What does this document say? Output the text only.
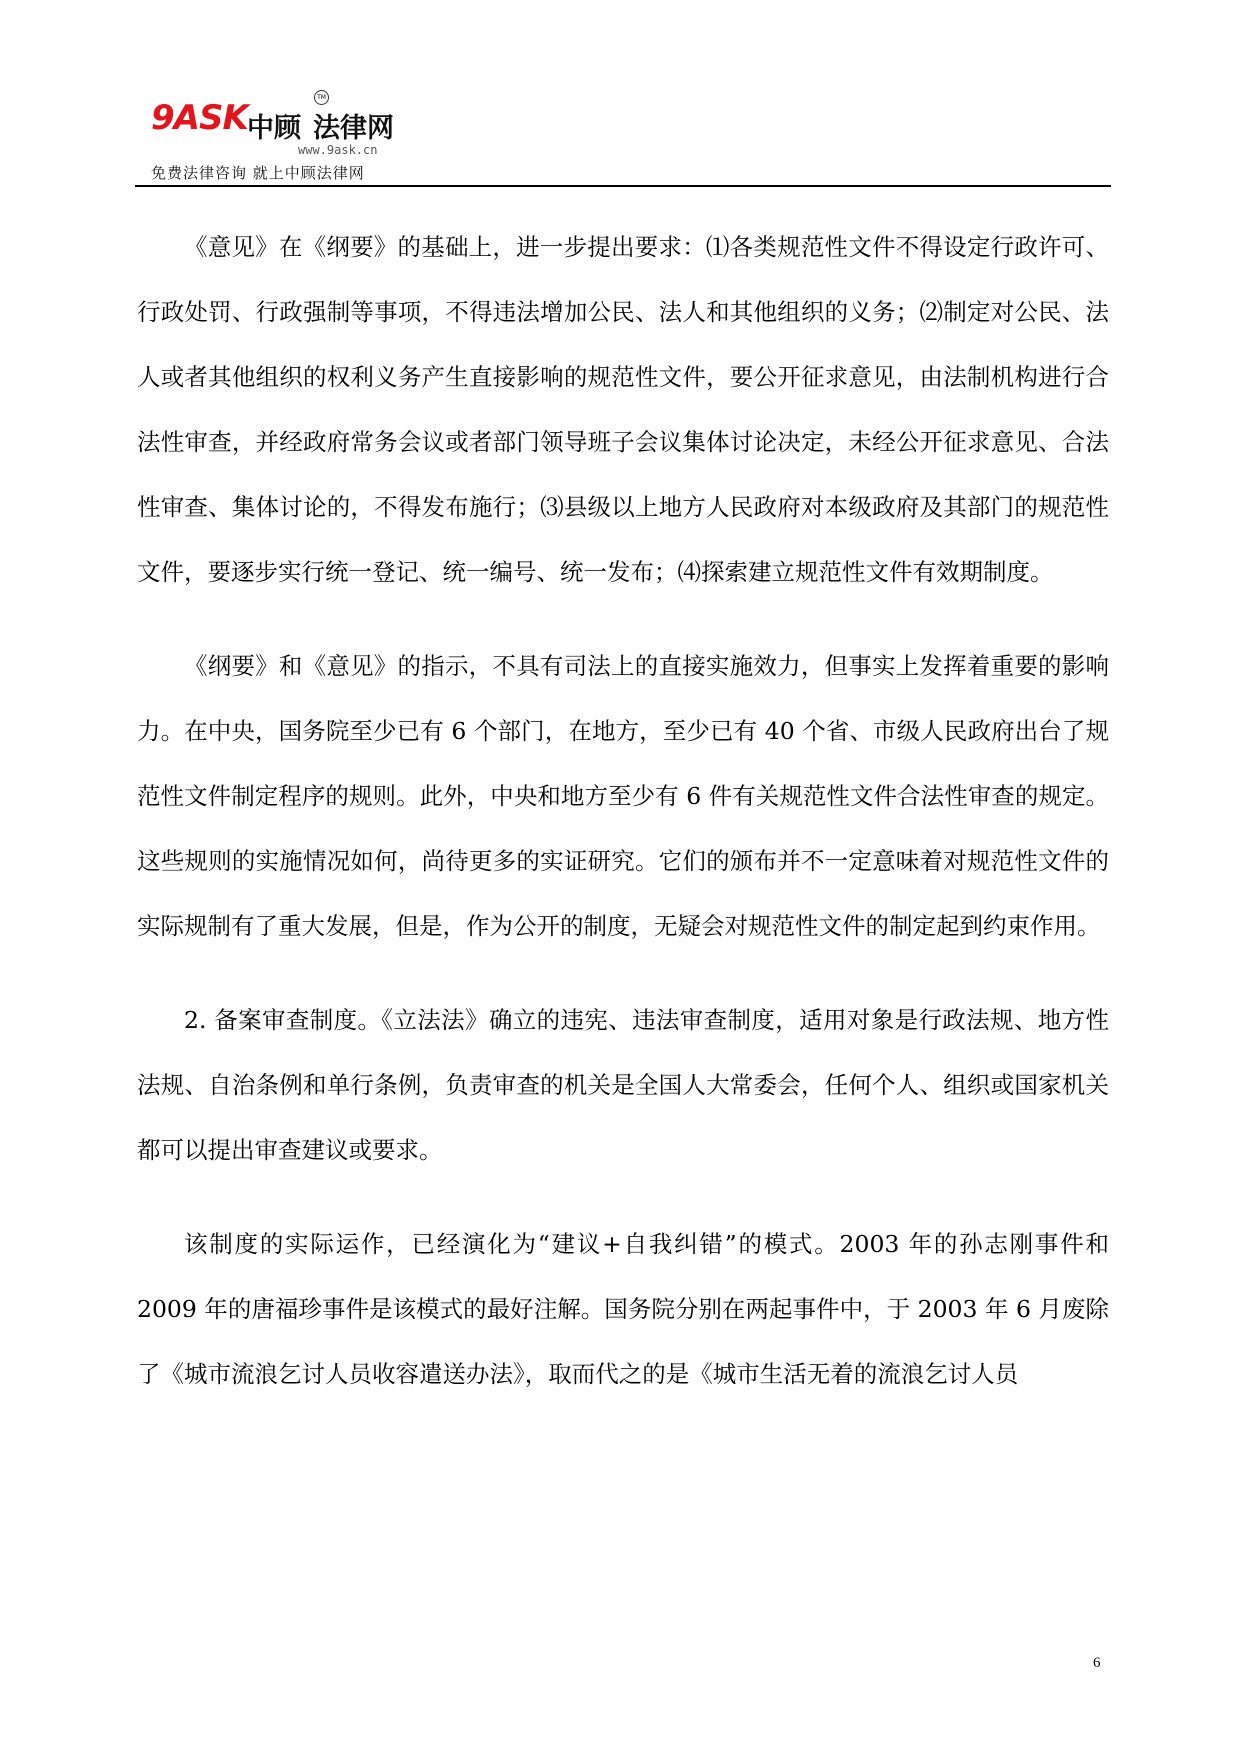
9ASK 中顾 法律网
TM
www.9ask.cn
免费法律咨询 就上中顾法律网

《意见》在《纲要》的基础上，进一步提出要求：⑴各类规范性文件不得设定行政许可、行政处罚、行政强制等事项，不得违法增加公民、法人和其他组织的义务；⑵制定对公民、法人或者其他组织的权利义务产生直接影响的规范性文件，要公开征求意见，由法制机构进行合法性审查，并经政府常务会议或者部门领导班子会议集体讨论决定，未经公开征求意见、合法性审查、集体讨论的，不得发布施行；⑶县级以上地方人民政府对本级政府及其部门的规范性文件，要逐步实行统一登记、统一编号、统一发布；⑷探索建立规范性文件有效期制度。

《纲要》和《意见》的指示，不具有司法上的直接实施效力，但事实上发挥着重要的影响力。在中央，国务院至少已有 6 个部门，在地方，至少已有 40 个省、市级人民政府出台了规范性文件制定程序的规则。此外，中央和地方至少有 6 件有关规范性文件合法性审查的规定。这些规则的实施情况如何，尚待更多的实证研究。它们的颁布并不一定意味着对规范性文件的实际规制有了重大发展，但是，作为公开的制度，无疑会对规范性文件的制定起到约束作用。

2. 备案审查制度。《立法法》确立的违宪、违法审查制度，适用对象是行政法规、地方性法规、自治条例和单行条例，负责审查的机关是全国人大常委会，任何个人、组织或国家机关都可以提出审查建议或要求。

该制度的实际运作，已经演化为“建议+自我纠错”的模式。2003 年的孙志刚事件和 2009 年的唐福珍事件是该模式的最好注解。国务院分别在两起事件中，于 2003 年 6 月废除了《城市流浪乞讨人员收容遣送办法》，取而代之的是《城市生活无着的流浪乞讨人员

6
